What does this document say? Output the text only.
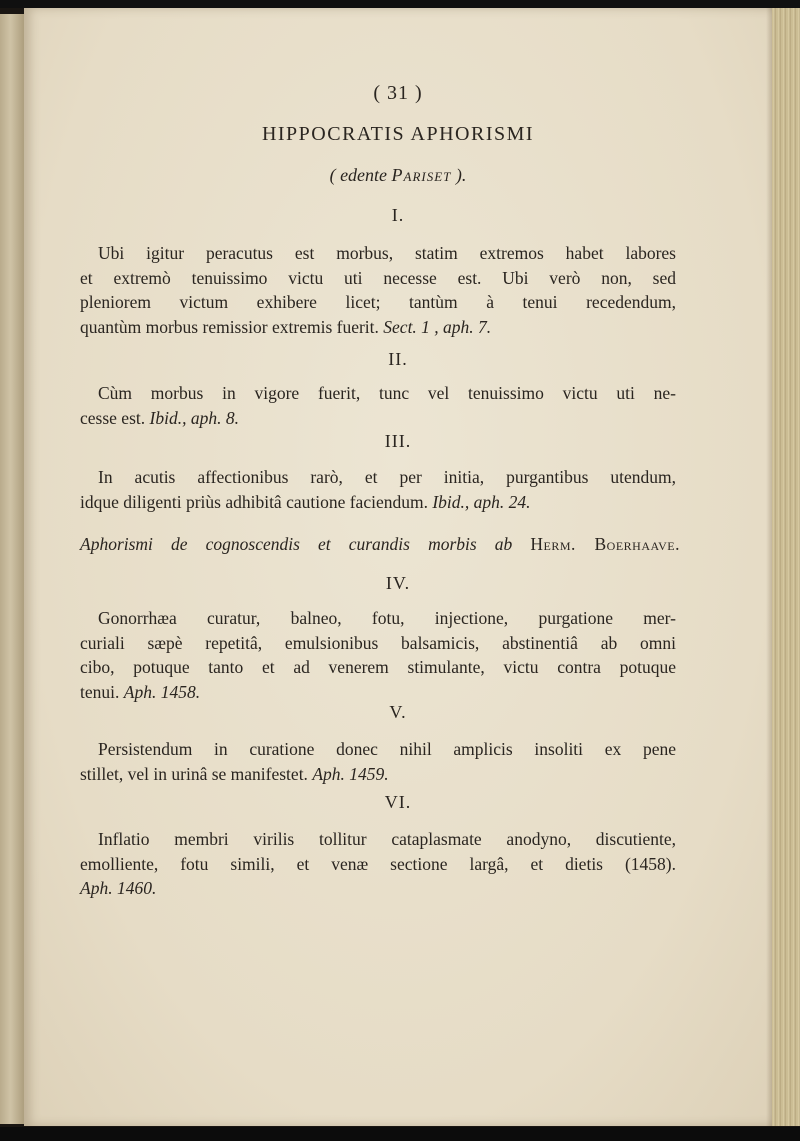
( 31 )
HIPPOCRATIS APHORISMI
( edente Pariset ).
I.
Ubi igitur peracutus est morbus, statim extremos habet labores
et extremò tenuissimo victu uti necesse est. Ubi verò non, sed
pleniorem victum exhibere licet; tantùm à tenui recedendum,
quantùm morbus remissior extremis fuerit. Sect. 1 , aph. 7.
II.
Cùm morbus in vigore fuerit, tunc vel tenuissimo victu uti ne-
cesse est. Ibid., aph. 8.
III.
In acutis affectionibus rarò, et per initia, purgantibus utendum,
idque diligenti priùs adhibitâ cautione faciendum. Ibid., aph. 24.
Aphorismi de cognoscendis et curandis morbis ab Herm. Boerhaave.
IV.
Gonorrhæa curatur, balneo, fotu, injectione, purgatione mer-
curiali sæpè repetitâ, emulsionibus balsamicis, abstinentiâ ab omni
cibo, potuque tanto et ad venerem stimulante, victu contra potuque
tenui. Aph. 1458.
V.
Persistendum in curatione donec nihil amplicis insoliti ex pene
stillet, vel in urinâ se manifestet. Aph. 1459.
VI.
Inflatio membri virilis tollitur cataplasmate anodyno, discutiente,
emolliente, fotu simili, et venæ sectione largâ, et dietis (1458).
Aph. 1460.
